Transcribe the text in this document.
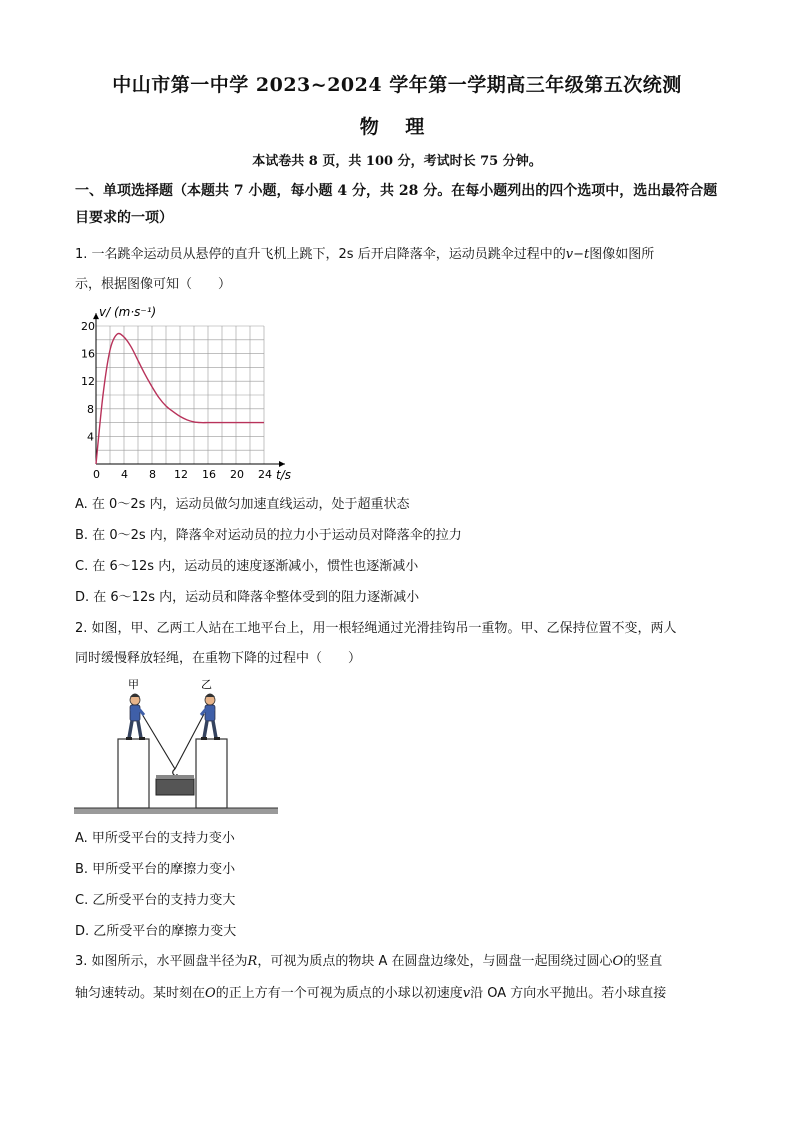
中山市第一中学 2023~2024 学年第一学期高三年级第五次统测
物 理
本试卷共 8 页，共 100 分，考试时长 75 分钟。
一、单项选择题（本题共 7 小题，每小题 4 分，共 28 分。在每小题列出的四个选项中，选出最符合题目要求的一项）
1. 一名跳伞运动员从悬停的直升飞机上跳下，2s 后开启降落伞，运动员跳伞过程中的v−t图像如图所
示，根据图像可知（　　）
0 4 8 12 16 20 24
4
8
12
16
20
v/ (m·s⁻¹)
t/s
A. 在 0～2s 内，运动员做匀加速直线运动，处于超重状态
B. 在 0～2s 内，降落伞对运动员的拉力小于运动员对降落伞的拉力
C. 在 6～12s 内，运动员的速度逐渐减小，惯性也逐渐减小
D. 在 6～12s 内，运动员和降落伞整体受到的阻力逐渐减小
2. 如图，甲、乙两工人站在工地平台上，用一根轻绳通过光滑挂钩吊一重物。甲、乙保持位置不变，两人
同时缓慢释放轻绳，在重物下降的过程中（　　）
甲	乙
A. 甲所受平台的支持力变小
B. 甲所受平台的摩擦力变小
C. 乙所受平台的支持力变大
D. 乙所受平台的摩擦力变大
3. 如图所示，水平圆盘半径为R，可视为质点的物块 A 在圆盘边缘处，与圆盘一起围绕过圆心O的竖直
轴匀速转动。某时刻在O的正上方有一个可视为质点的小球以初速度v沿 OA 方向水平抛出。若小球直接
